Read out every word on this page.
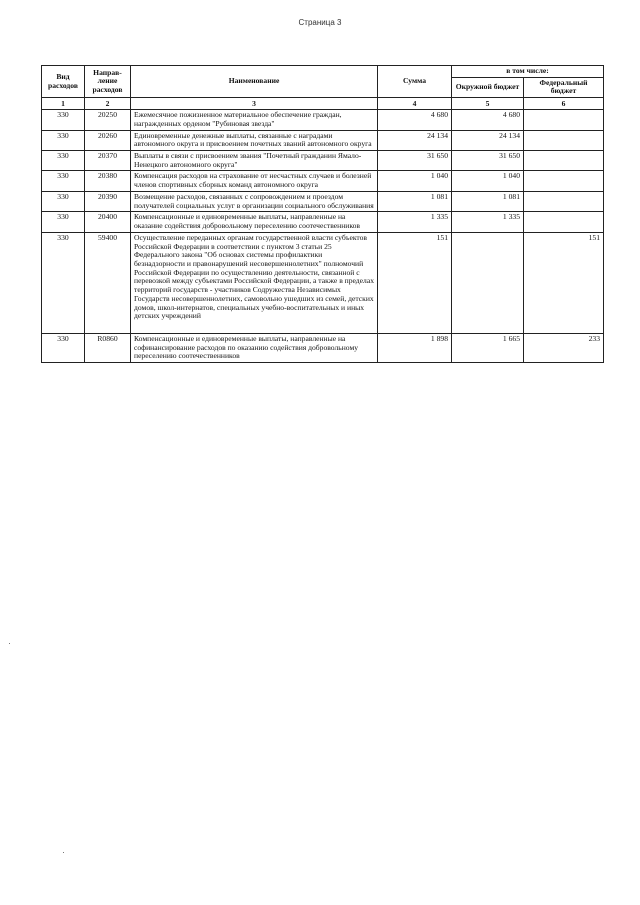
Страница 3
Вид расходов	Направ-ление расходов	Наименование	Сумма	в том числе:	
				Окружной бюджет	Федеральный бюджет
1	2	3	4	5	6
330	20250	Ежемесячное пожизненное материальное обеспечение граждан, награжденных орденом "Рубиновая звезда"	4 680	4 680	
330	20260	Единовременные денежные выплаты, связанные с наградами автономного округа и присвоением почетных званий автономного округа	24 134	24 134	
330	20370	Выплаты в связи с присвоением звания "Почетный гражданин Ямало-Ненецкого автономного округа"	31 650	31 650	
330	20380	Компенсация расходов на страхование от несчастных случаев и болезней членов спортивных сборных команд автономного округа	1 040	1 040	
330	20390	Возмещение расходов, связанных с сопровождением и проездом получателей социальных услуг в организации социального обслуживания	1 081	1 081	
330	20400	Компенсационные и единовременные выплаты, направленные на оказание содействия добровольному переселению соотечественников	1 335	1 335	
330	59400	Осуществление переданных органам государственной власти субъектов Российской Федерации в соответствии с пунктом 3 статьи 25 Федерального закона "Об основах системы профилактики безнадзорности и правонарушений несовершеннолетних" полномочий Российской Федерации по осуществлению деятельности, связанной с перевозкой между субъектами Российской Федерации, а также в пределах территорий государств - участников Содружества Независимых Государств несовершеннолетних, самовольно ушедших из семей, детских домов, школ-интернатов, специальных учебно-воспитательных и иных детских учреждений	151		151
330	R0860	Компенсационные и единовременные выплаты, направленные на софинансирование расходов по оказанию содействия добровольному переселению соотечественников	1 898	1 665	233
